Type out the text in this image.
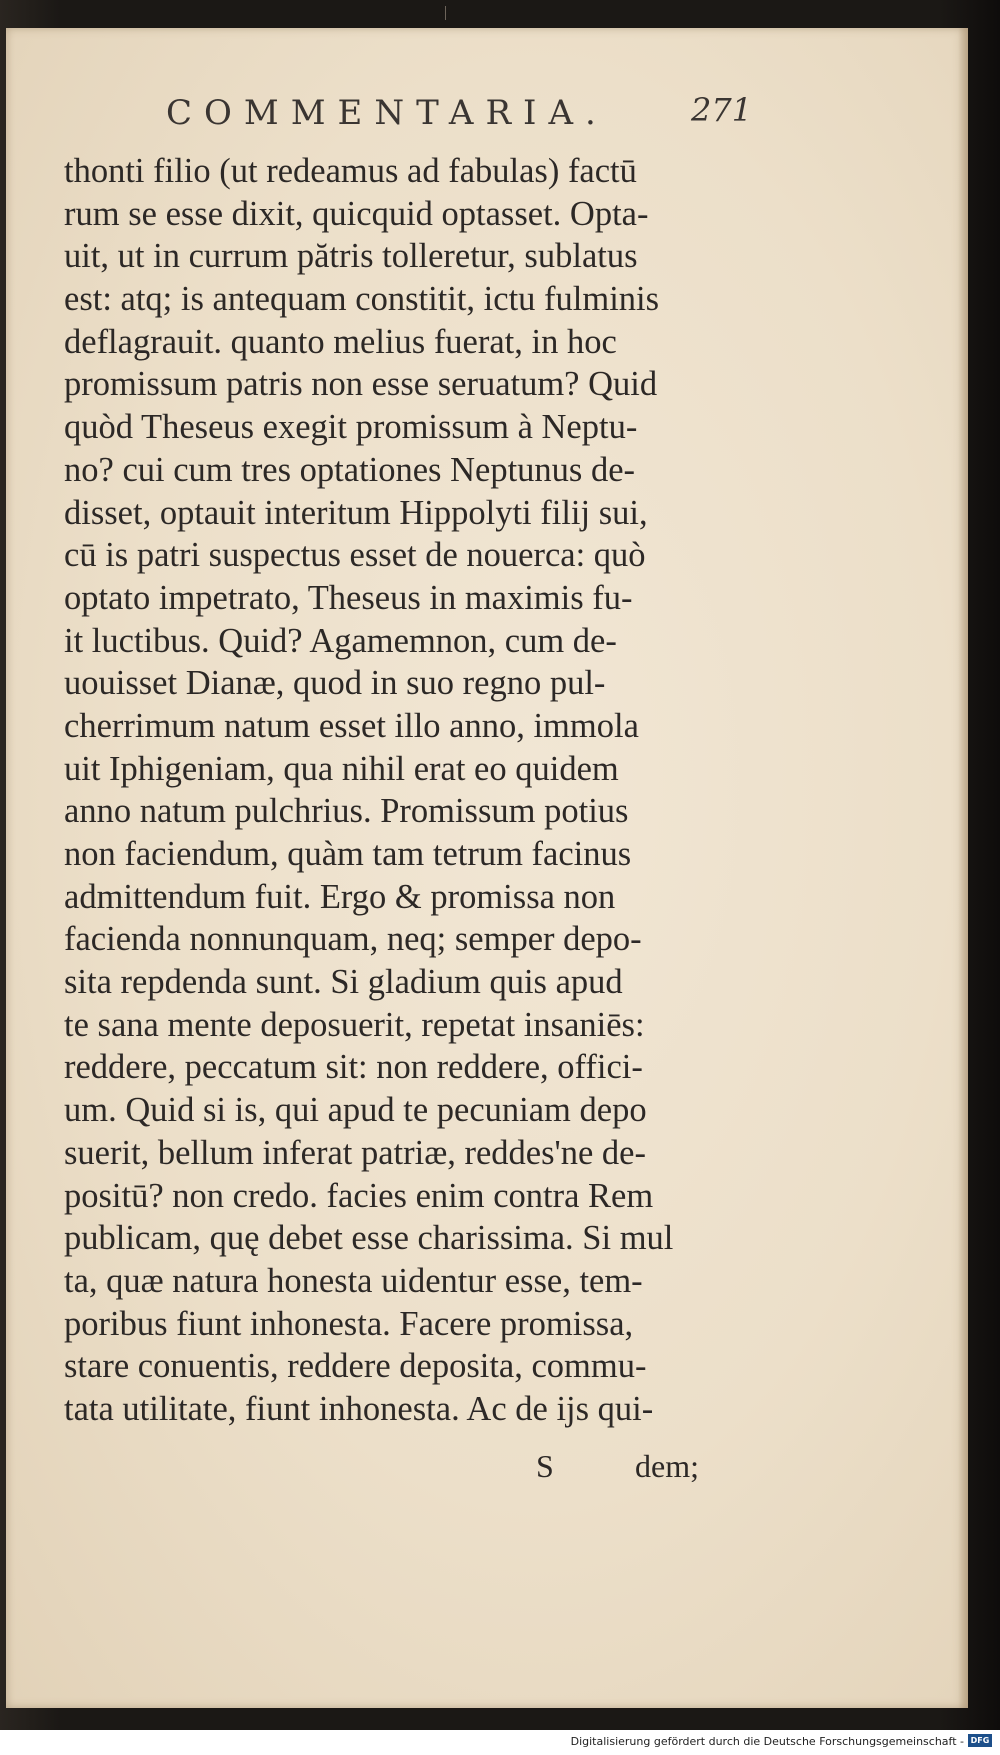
COMMENTARIA.	271
thonti filio (ut redeamus ad fabulas) factū
rum se esse dixit, quicquid optasset. Opta-
uit, ut in currum pătris tolleretur, sublatus
est: atq; is antequam constitit, ictu fulminis
deflagrauit. quanto melius fuerat, in hoc
promissum patris non esse seruatum? Quid
quòd Theseus exegit promissum à Neptu-
no? cui cum tres optationes Neptunus de-
disset, optauit interitum Hippolyti filij sui,
cū is patri suspectus esset de nouerca: quò
optato impetrato, Theseus in maximis fu-
it luctibus. Quid? Agamemnon, cum de-
uouisset Dianæ, quod in suo regno pul-
cherrimum natum esset illo anno, immola
uit Iphigeniam, qua nihil erat eo quidem
anno natum pulchrius. Promissum potius
non faciendum, quàm tam tetrum facinus
admittendum fuit. Ergo & promissa non
facienda nonnunquam, neq; semper depo-
sita repdenda sunt. Si gladium quis apud
te sana mente deposuerit, repetat insaniēs:
reddere, peccatum sit: non reddere, offici-
um. Quid si is, qui apud te pecuniam depo
suerit, bellum inferat patriæ, reddes'ne de-
positū? non credo. facies enim contra Rem
publicam, quę debet esse charissima. Si mul
ta, quæ natura honesta uidentur esse, tem-
poribus fiunt inhonesta. Facere promissa,
stare conuentis, reddere deposita, commu-
tata utilitate, fiunt inhonesta. Ac de ijs qui-
S	dem;
Digitalisierung gefördert durch die Deutsche Forschungsgemeinschaft - DFG
